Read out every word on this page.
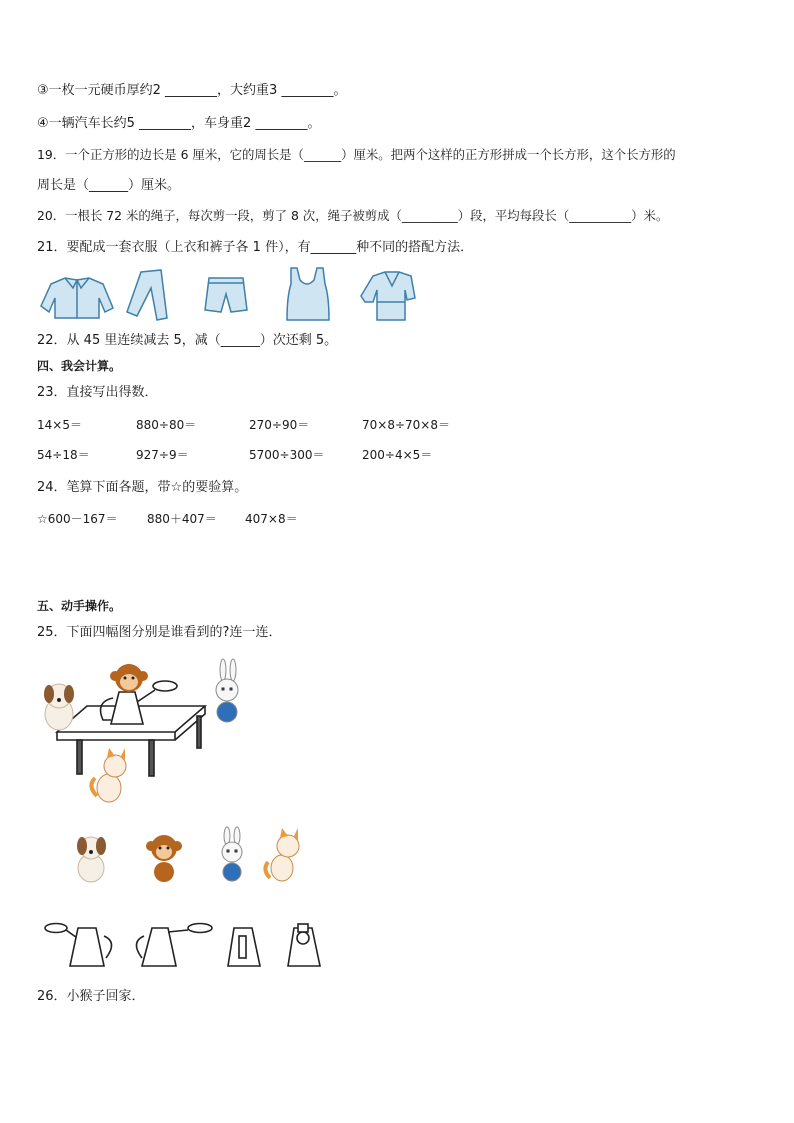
③一枚一元硬币厚约2 ________，大约重3 ________。
④一辆汽车长约5 ________，车身重2 ________。
19．一个正方形的边长是 6 厘米，它的周长是（______）厘米。把两个这样的正方形拼成一个长方形，这个长方形的
周长是（______）厘米。
20．一根长 72 米的绳子，每次剪一段，剪了 8 次，绳子被剪成（_________）段，平均每段长（__________）米。
21．要配成一套衣服（上衣和裤子各 1 件），有_______种不同的搭配方法．
22．从 45 里连续减去 5，减（______）次还剩 5。
四、我会计算。
23．直接写出得数．
14×5＝	880÷80＝	270÷90＝	70×8÷70×8＝
54÷18＝	927÷9＝	5700÷300＝	200÷4×5＝
24．笔算下面各题，带☆的要验算。
☆600－167＝ 880＋407＝ 407×8＝
五、动手操作。
25．下面四幅图分别是谁看到的?连一连．
26．小猴子回家．
